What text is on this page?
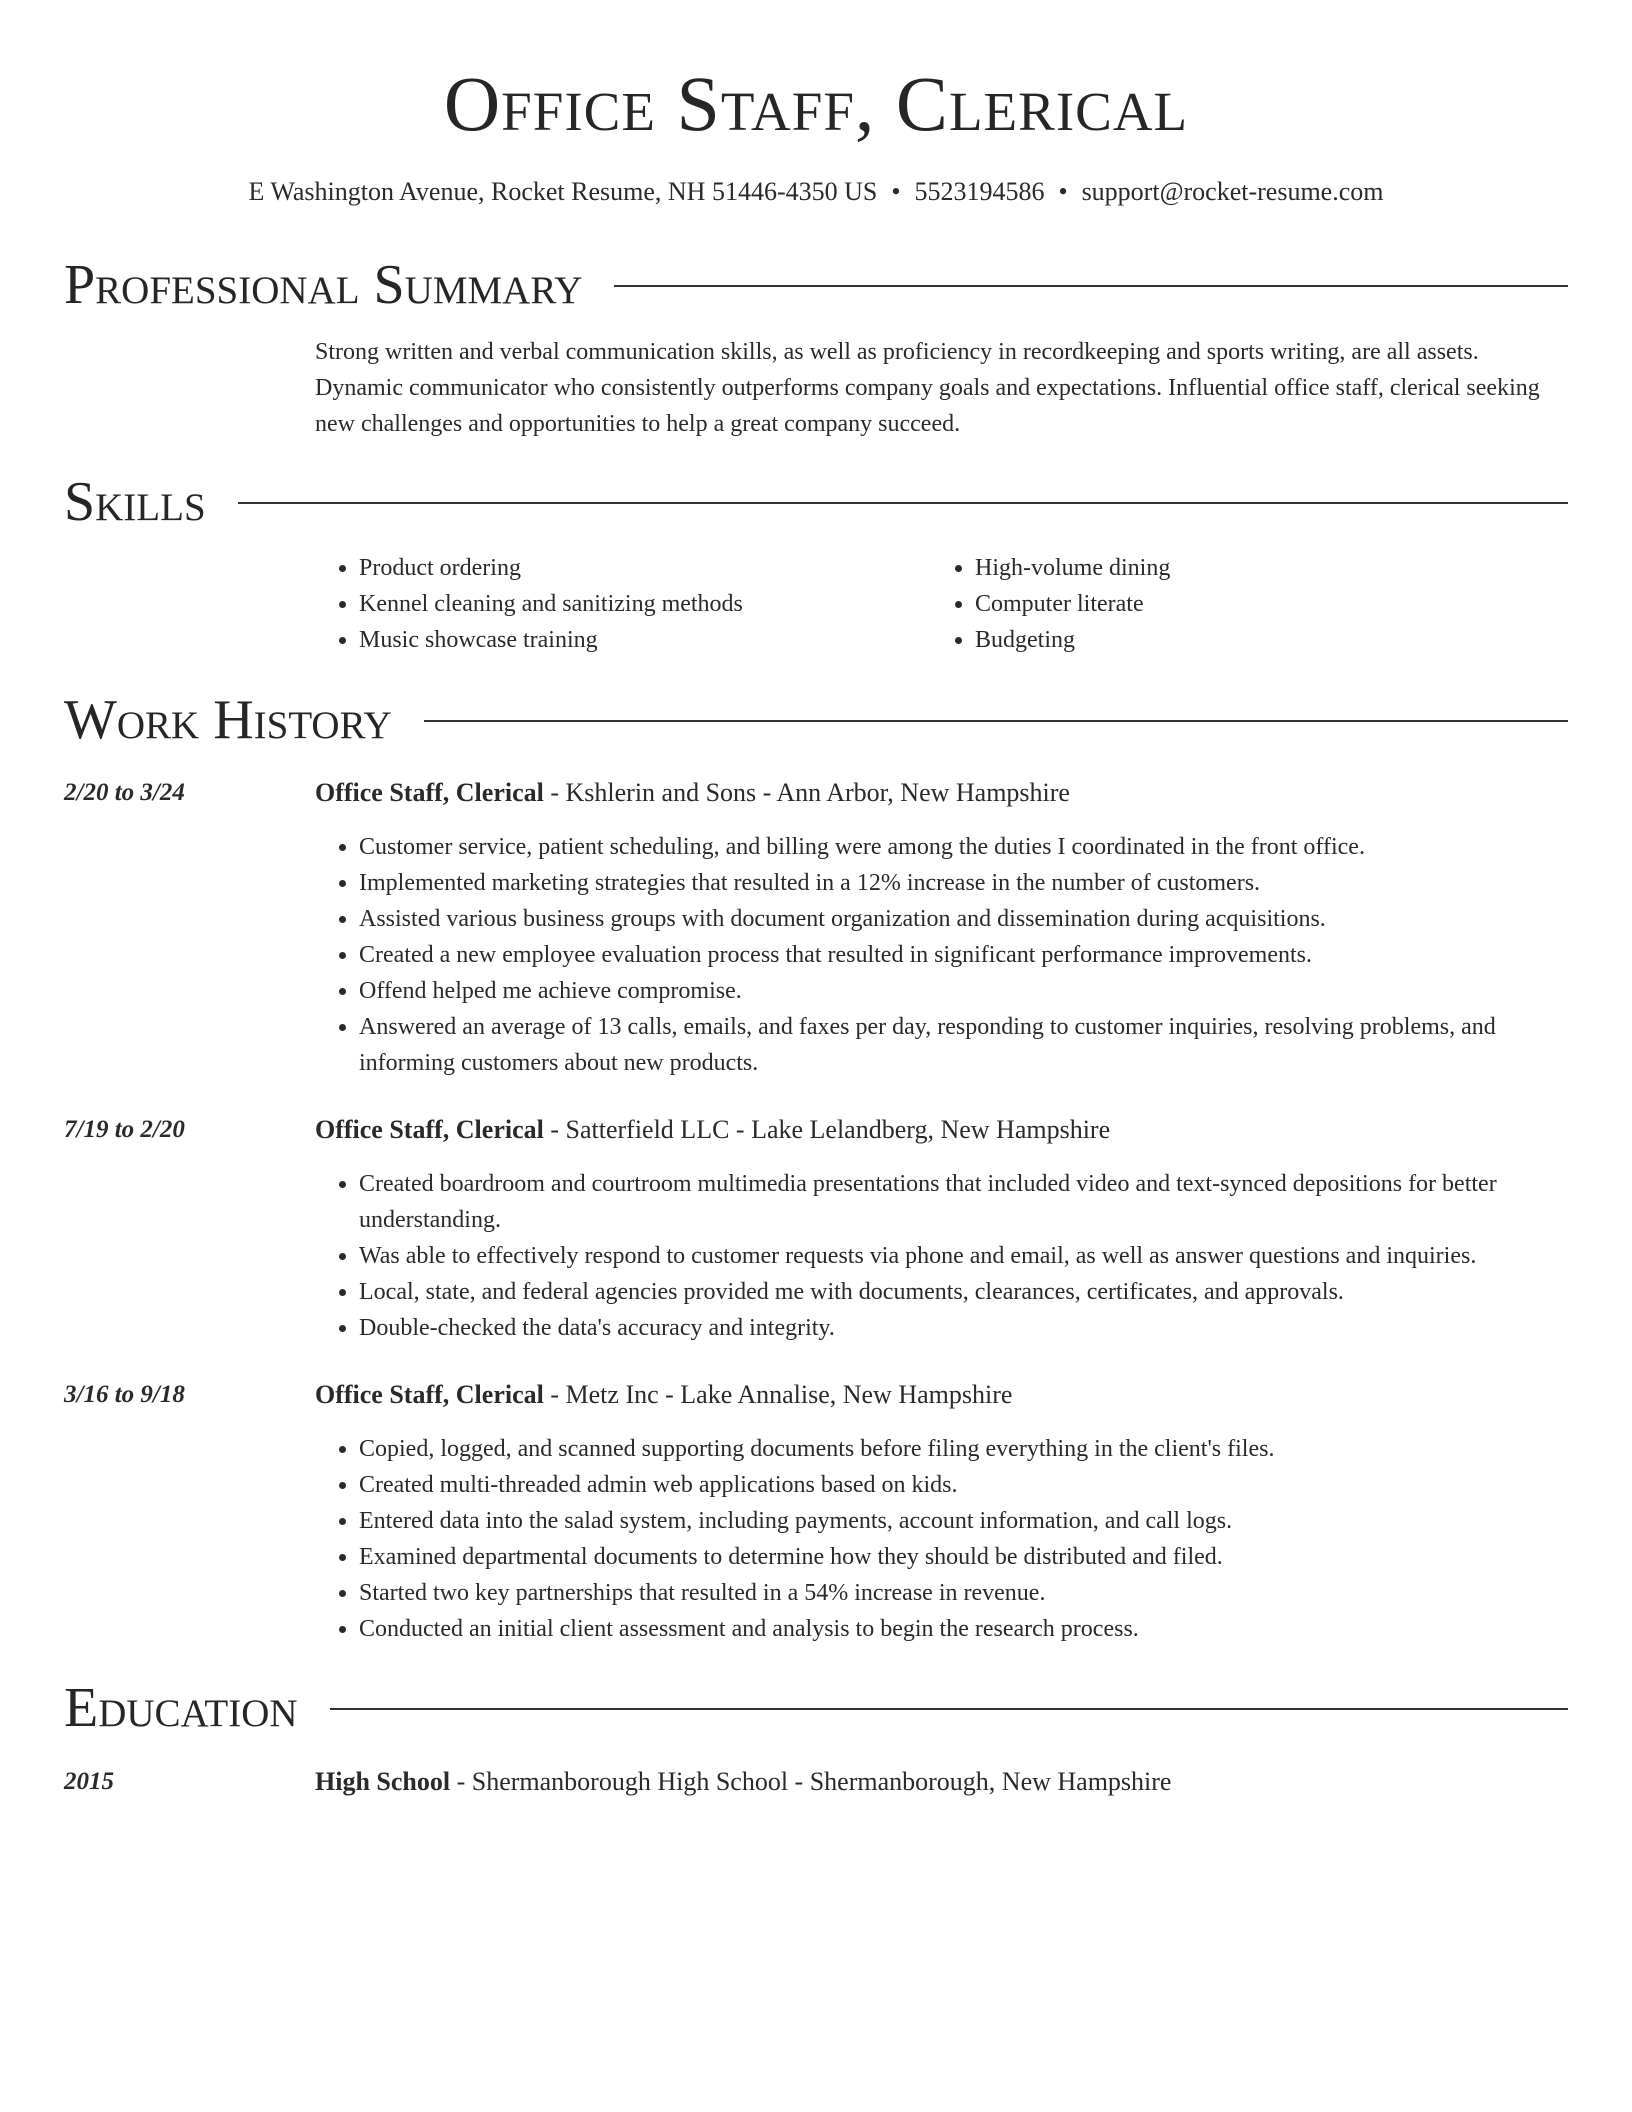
Office Staff, Clerical
E Washington Avenue, Rocket Resume, NH 51446-4350 US • 5523194586 • support@rocket-resume.com
Professional Summary
Strong written and verbal communication skills, as well as proficiency in recordkeeping and sports writing, are all assets. Dynamic communicator who consistently outperforms company goals and expectations. Influential office staff, clerical seeking new challenges and opportunities to help a great company succeed.
Skills
• Product ordering
• Kennel cleaning and sanitizing methods
• Music showcase training
• High-volume dining
• Computer literate
• Budgeting
Work History
2/20 to 3/24	Office Staff, Clerical - Kshlerin and Sons - Ann Arbor, New Hampshire
• Customer service, patient scheduling, and billing were among the duties I coordinated in the front office.
• Implemented marketing strategies that resulted in a 12% increase in the number of customers.
• Assisted various business groups with document organization and dissemination during acquisitions.
• Created a new employee evaluation process that resulted in significant performance improvements.
• Offend helped me achieve compromise.
• Answered an average of 13 calls, emails, and faxes per day, responding to customer inquiries, resolving problems, and informing customers about new products.
7/19 to 2/20	Office Staff, Clerical - Satterfield LLC - Lake Lelandberg, New Hampshire
• Created boardroom and courtroom multimedia presentations that included video and text-synced depositions for better understanding.
• Was able to effectively respond to customer requests via phone and email, as well as answer questions and inquiries.
• Local, state, and federal agencies provided me with documents, clearances, certificates, and approvals.
• Double-checked the data's accuracy and integrity.
3/16 to 9/18	Office Staff, Clerical - Metz Inc - Lake Annalise, New Hampshire
• Copied, logged, and scanned supporting documents before filing everything in the client's files.
• Created multi-threaded admin web applications based on kids.
• Entered data into the salad system, including payments, account information, and call logs.
• Examined departmental documents to determine how they should be distributed and filed.
• Started two key partnerships that resulted in a 54% increase in revenue.
• Conducted an initial client assessment and analysis to begin the research process.
Education
2015	High School - Shermanborough High School - Shermanborough, New Hampshire
